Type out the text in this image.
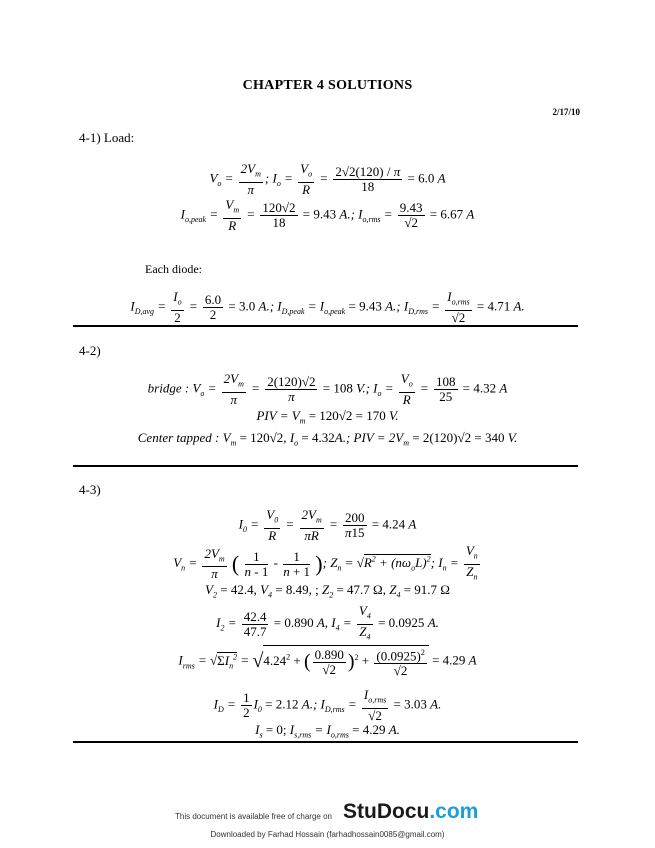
CHAPTER 4 SOLUTIONS
2/17/10
4-1) Load:
$V_o = \frac{2V_m}{\pi}$ ; $I_o = \frac{V_o}{R} = \frac{2√2(120) / \pi}{18} = 6.0$ A
$I_{o,peak} = \frac{V_m}{R} = \frac{120√2}{18} = 9.43$ A.; $I_{o,rms} = \frac{9.43}{√2} = 6.67$ A
Each diode:
$I_{D,avg} = \frac{I_o}{2} = \frac{6.0}{2} = 3.0$ A.; $I_{D,peak} = I_{o,peak} = 9.43$ A.; $I_{D,rms} = \frac{I_{o,rms}}{√2} = 4.71$ A.
4-2)
bridge : $V_o = \frac{2V_m}{\pi} = \frac{2(120)√2}{\pi} = 108$ V.; $I_o = \frac{V_o}{R} = \frac{108}{25} = 4.32$ A
PIV = $V_m = 120√2 = 170$ V.
Center tapped : $V_m = 120√2$, $I_o = 4.32A$.; PIV = $2V_m = 2(120)√2 = 340$ V.
4-3)
$I_0 = \frac{V_0}{R} = \frac{2V_m}{\pi R} = \frac{200}{\pi 15} = 4.24$ A
$V_n = \frac{2V_m}{\pi}$ ( $\frac{1}{n - 1} - \frac{1}{n + 1}$ ); $Z_n = √R^2 + (n\omega_oL)^2$; $I_n = \frac{V_n}{Z_n}$
$V_2 = 42.4$, $V_4 = 8.49$, ; $Z_2 = 47.7$ Ω, $Z_4 = 91.7$ Ω
$I_2 = \frac{42.4}{47.7} = 0.890$ A, $I_4 = \frac{V_4}{Z_4} = 0.0925$ A.
$I_{rms} = √\Sigma I_n^2 = √4.24^2$ + ( $\frac{0.890}{√2} )^2 + \frac{(0.0925)^2}{√2} = 4.29$ A
$I_D = \frac{1}{2} I_0 = 2.12$ A.; $I_{D,rms} = \frac{I_{o,rms}}{√2} = 3.03$ A.
$I_s = 0$; $I_{s,rms} = I_{o,rms} = 4.29$ A.
This document is available free of charge on StuDocu.com
Downloaded by Farhad Hossain (farhadhossain0085@gmail.com)
